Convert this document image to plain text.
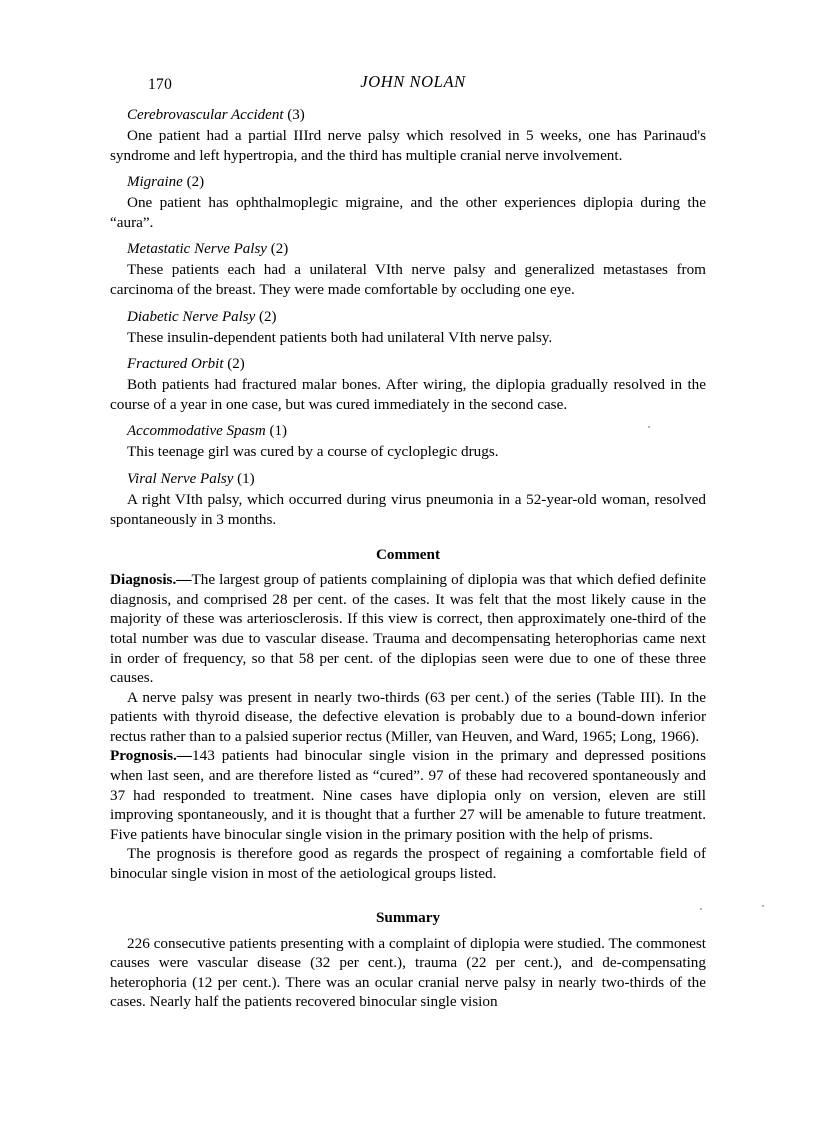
170	JOHN NOLAN
Cerebrovascular Accident (3)

One patient had a partial IIIrd nerve palsy which resolved in 5 weeks, one has Parinaud's syndrome and left hypertropia, and the third has multiple cranial nerve involvement.

Migraine (2)

One patient has ophthalmoplegic migraine, and the other experiences diplopia during the “aura”.

Metastatic Nerve Palsy (2)

These patients each had a unilateral VIth nerve palsy and generalized metastases from carcinoma of the breast. They were made comfortable by occluding one eye.

Diabetic Nerve Palsy (2)

These insulin-dependent patients both had unilateral VIth nerve palsy.

Fractured Orbit (2)

Both patients had fractured malar bones. After wiring, the diplopia gradually resolved in the course of a year in one case, but was cured immediately in the second case.

Accommodative Spasm (1)

This teenage girl was cured by a course of cycloplegic drugs.

Viral Nerve Palsy (1)

A right VIth palsy, which occurred during virus pneumonia in a 52-year-old woman, resolved spontaneously in 3 months.

Comment

Diagnosis.—The largest group of patients complaining of diplopia was that which defied definite diagnosis, and comprised 28 per cent. of the cases. It was felt that the most likely cause in the majority of these was arteriosclerosis. If this view is correct, then approximately one-third of the total number was due to vascular disease. Trauma and decompensating heterophorias came next in order of frequency, so that 58 per cent. of the diplopias seen were due to one of these three causes.

A nerve palsy was present in nearly two-thirds (63 per cent.) of the series (Table III). In the patients with thyroid disease, the defective elevation is probably due to a bound-down inferior rectus rather than to a palsied superior rectus (Miller, van Heuven, and Ward, 1965; Long, 1966).

Prognosis.—143 patients had binocular single vision in the primary and depressed positions when last seen, and are therefore listed as “cured”. 97 of these had recovered spontaneously and 37 had responded to treatment. Nine cases have diplopia only on version, eleven are still improving spontaneously, and it is thought that a further 27 will be amenable to future treatment. Five patients have binocular single vision in the primary position with the help of prisms.

The prognosis is therefore good as regards the prospect of regaining a comfortable field of binocular single vision in most of the aetiological groups listed.

Summary

226 consecutive patients presenting with a complaint of diplopia were studied. The commonest causes were vascular disease (32 per cent.), trauma (22 per cent.), and de-compensating heterophoria (12 per cent.). There was an ocular cranial nerve palsy in nearly two-thirds of the cases. Nearly half the patients recovered binocular single vision
